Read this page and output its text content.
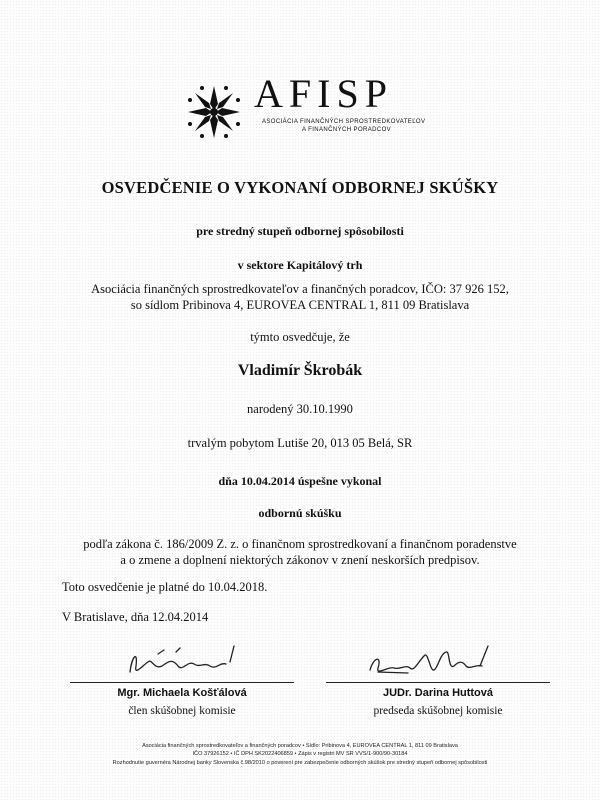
AFISP
ASOCIÁCIA FINANČNÝCH SPROSTREDKOVATEĽOV
A FINANČNÝCH PORADCOV
OSVEDČENIE O VYKONANÍ ODBORNEJ SKÚŠKY
pre stredný stupeň odbornej spôsobilosti
v sektore Kapitálový trh
Asociácia finančných sprostredkovateľov a finančných poradcov, IČO: 37 926 152,
so sídlom Pribinova 4, EUROVEA CENTRAL 1, 811 09 Bratislava
týmto osvedčuje, že
Vladimír Škrobák
narodený 30.10.1990
trvalým pobytom Lutiše 20, 013 05 Belá, SR
dňa 10.04.2014 úspešne vykonal
odbornú skúšku
podľa zákona č. 186/2009 Z. z. o finančnom sprostredkovaní a finančnom poradenstve
a o zmene a doplnení niektorých zákonov v znení neskorších predpisov.
Toto osvedčenie je platné do 10.04.2018.
V Bratislave, dňa 12.04.2014
Mgr. Michaela Košťálová
člen skúšobnej komisie
JUDr. Darina Huttová
predseda skúšobnej komisie
Asociácia finančných sprostredkovateľov a finančných poradcov • Sídlo: Pribinova 4, EUROVEA CENTRAL 1, 811 09 Bratislava
IČO 37926152 • IČ DPH SK2022406859 • Zápis v registri MV SR VVS/1-900/90-30184
Rozhodnutie guvernéra Národnej banky Slovenska č.98/2010 o poverení pre zabezpečenie odborných skúšok pre stredný stupeň odbornej spôsobilosti
